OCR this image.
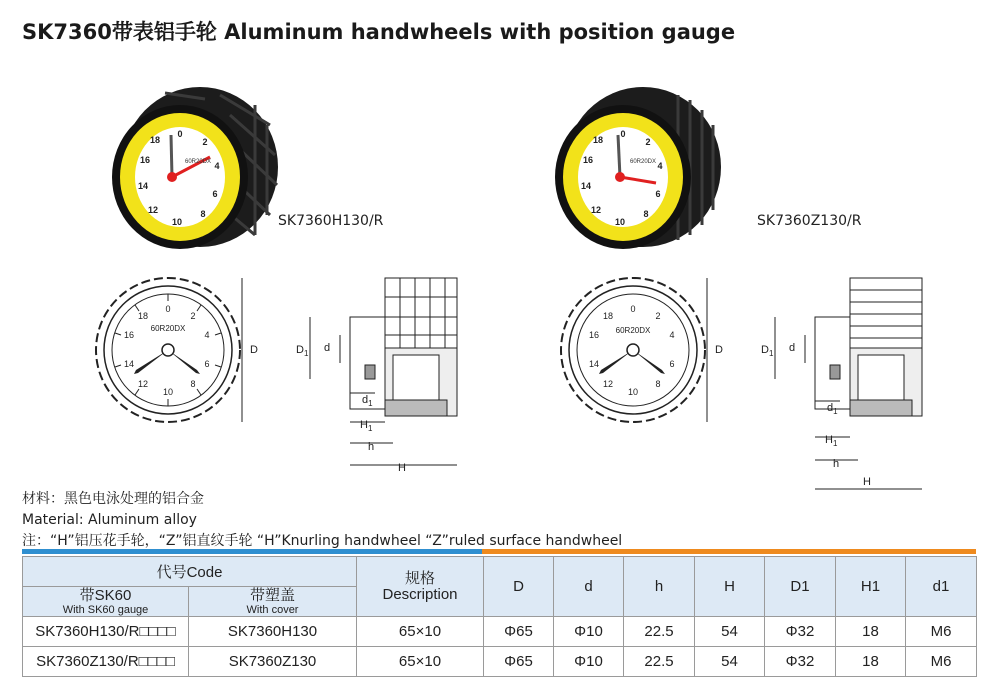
SK7360带表铝手轮 Aluminum handwheels with position gauge
0
2
4
6
8
10
12
14
16
18
60R20DX
SK7360H130/R
0
2
4
6
8
10
12
14
16
18
60R20DX
SK7360Z130/R
0
2
4
6
8
10
12
14
16
18
60R20DX
D	$D_1$ d
$d_1$
$H_1$
h
H
0
2
4
6
8
10
12
14
16
18
60R20DX
D	$D_1$ d
$d_1$
$H_1$
h
H
材料：黑色电泳处理的铝合金
Material: Aluminum alloy
注：“H”铝压花手轮，“Z”铝直纹手轮 “H”Knurling handwheel “Z”ruled surface handwheel
代号Code		规格
Description	D	d	h	H	D1	H1	d1

带SK60
With SK60 gauge	带塑盖
With cover								

SK7360H130/R□□□□	SK7360H130	65×10	Φ65	Φ10	22.5	54	Φ32	18	M6
SK7360Z130/R□□□□	SK7360Z130	65×10	Φ65	Φ10	22.5	54	Φ32	18	M6
